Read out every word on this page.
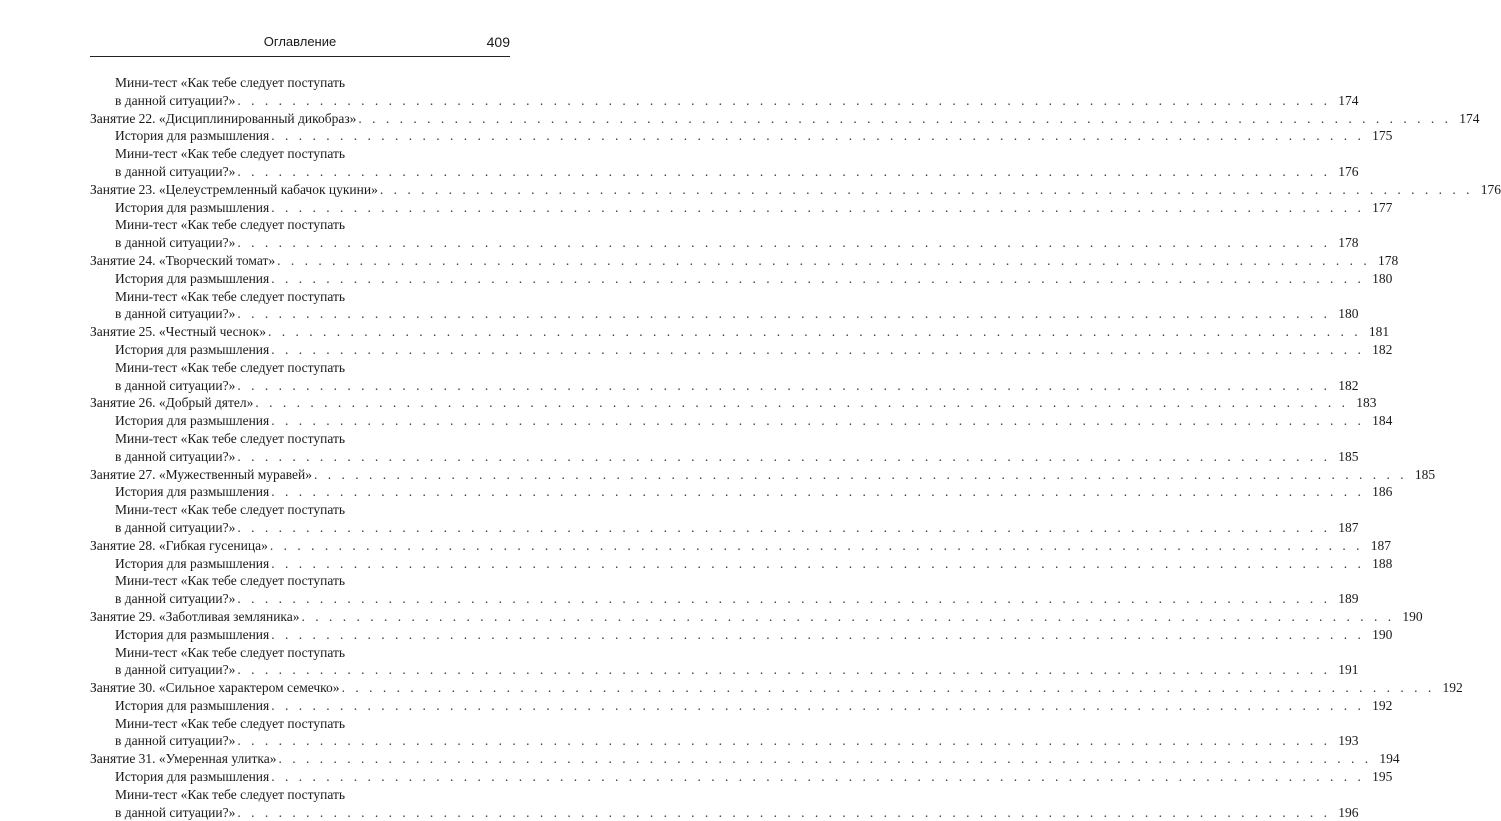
Оглавление	409
Мини-тест «Как тебе следует поступать
в данной ситуации?» . . . . . . . . . . . . . . . . . . . . . . . . . . . . . . . . . . . . . . . . . . . . . . . . . . . . . . . . . . . . . . . . . . . . . . . . . . . . . . . . 174
Занятие 22. «Дисциплинированный дикобраз» . . . . . . . . . . . . . . . . . . . . . . . . . . . . . . . . . . . . . . . . . . . . . . . . . . . . . . . . . . . . . . . . . . . . . . . . . . . . . . . . 174
История для размышления . . . . . . . . . . . . . . . . . . . . . . . . . . . . . . . . . . . . . . . . . . . . . . . . . . . . . . . . . . . . . . . . . . . . . . . . . . . . . . . . 175
Мини-тест «Как тебе следует поступать
в данной ситуации?» . . . . . . . . . . . . . . . . . . . . . . . . . . . . . . . . . . . . . . . . . . . . . . . . . . . . . . . . . . . . . . . . . . . . . . . . . . . . . . . . 176
Занятие 23. «Целеустремленный кабачок цукини» . . . . . . . . . . . . . . . . . . . . . . . . . . . . . . . . . . . . . . . . . . . . . . . . . . . . . . . . . . . . . . . . . . . . . . . . . . . . . . . . 176
История для размышления . . . . . . . . . . . . . . . . . . . . . . . . . . . . . . . . . . . . . . . . . . . . . . . . . . . . . . . . . . . . . . . . . . . . . . . . . . . . . . . . 177
Мини-тест «Как тебе следует поступать
в данной ситуации?» . . . . . . . . . . . . . . . . . . . . . . . . . . . . . . . . . . . . . . . . . . . . . . . . . . . . . . . . . . . . . . . . . . . . . . . . . . . . . . . . 178
Занятие 24. «Творческий томат» . . . . . . . . . . . . . . . . . . . . . . . . . . . . . . . . . . . . . . . . . . . . . . . . . . . . . . . . . . . . . . . . . . . . . . . . . . . . . . . . 178
История для размышления . . . . . . . . . . . . . . . . . . . . . . . . . . . . . . . . . . . . . . . . . . . . . . . . . . . . . . . . . . . . . . . . . . . . . . . . . . . . . . . . 180
Мини-тест «Как тебе следует поступать
в данной ситуации?» . . . . . . . . . . . . . . . . . . . . . . . . . . . . . . . . . . . . . . . . . . . . . . . . . . . . . . . . . . . . . . . . . . . . . . . . . . . . . . . . 180
Занятие 25. «Честный чеснок» . . . . . . . . . . . . . . . . . . . . . . . . . . . . . . . . . . . . . . . . . . . . . . . . . . . . . . . . . . . . . . . . . . . . . . . . . . . . . . . . 181
История для размышления . . . . . . . . . . . . . . . . . . . . . . . . . . . . . . . . . . . . . . . . . . . . . . . . . . . . . . . . . . . . . . . . . . . . . . . . . . . . . . . . 182
Мини-тест «Как тебе следует поступать
в данной ситуации?» . . . . . . . . . . . . . . . . . . . . . . . . . . . . . . . . . . . . . . . . . . . . . . . . . . . . . . . . . . . . . . . . . . . . . . . . . . . . . . . . 182
Занятие 26. «Добрый дятел» . . . . . . . . . . . . . . . . . . . . . . . . . . . . . . . . . . . . . . . . . . . . . . . . . . . . . . . . . . . . . . . . . . . . . . . . . . . . . . . . 183
История для размышления . . . . . . . . . . . . . . . . . . . . . . . . . . . . . . . . . . . . . . . . . . . . . . . . . . . . . . . . . . . . . . . . . . . . . . . . . . . . . . . . 184
Мини-тест «Как тебе следует поступать
в данной ситуации?» . . . . . . . . . . . . . . . . . . . . . . . . . . . . . . . . . . . . . . . . . . . . . . . . . . . . . . . . . . . . . . . . . . . . . . . . . . . . . . . . 185
Занятие 27. «Мужественный муравей» . . . . . . . . . . . . . . . . . . . . . . . . . . . . . . . . . . . . . . . . . . . . . . . . . . . . . . . . . . . . . . . . . . . . . . . . . . . . . . . . 185
История для размышления . . . . . . . . . . . . . . . . . . . . . . . . . . . . . . . . . . . . . . . . . . . . . . . . . . . . . . . . . . . . . . . . . . . . . . . . . . . . . . . . 186
Мини-тест «Как тебе следует поступать
в данной ситуации?» . . . . . . . . . . . . . . . . . . . . . . . . . . . . . . . . . . . . . . . . . . . . . . . . . . . . . . . . . . . . . . . . . . . . . . . . . . . . . . . . 187
Занятие 28. «Гибкая гусеница» . . . . . . . . . . . . . . . . . . . . . . . . . . . . . . . . . . . . . . . . . . . . . . . . . . . . . . . . . . . . . . . . . . . . . . . . . . . . . . . . 187
История для размышления . . . . . . . . . . . . . . . . . . . . . . . . . . . . . . . . . . . . . . . . . . . . . . . . . . . . . . . . . . . . . . . . . . . . . . . . . . . . . . . . 188
Мини-тест «Как тебе следует поступать
в данной ситуации?» . . . . . . . . . . . . . . . . . . . . . . . . . . . . . . . . . . . . . . . . . . . . . . . . . . . . . . . . . . . . . . . . . . . . . . . . . . . . . . . . 189
Занятие 29. «Заботливая земляника» . . . . . . . . . . . . . . . . . . . . . . . . . . . . . . . . . . . . . . . . . . . . . . . . . . . . . . . . . . . . . . . . . . . . . . . . . . . . . . . . 190
История для размышления . . . . . . . . . . . . . . . . . . . . . . . . . . . . . . . . . . . . . . . . . . . . . . . . . . . . . . . . . . . . . . . . . . . . . . . . . . . . . . . . 190
Мини-тест «Как тебе следует поступать
в данной ситуации?» . . . . . . . . . . . . . . . . . . . . . . . . . . . . . . . . . . . . . . . . . . . . . . . . . . . . . . . . . . . . . . . . . . . . . . . . . . . . . . . . 191
Занятие 30. «Сильное характером семечко» . . . . . . . . . . . . . . . . . . . . . . . . . . . . . . . . . . . . . . . . . . . . . . . . . . . . . . . . . . . . . . . . . . . . . . . . . . . . . . . . 192
История для размышления . . . . . . . . . . . . . . . . . . . . . . . . . . . . . . . . . . . . . . . . . . . . . . . . . . . . . . . . . . . . . . . . . . . . . . . . . . . . . . . . 192
Мини-тест «Как тебе следует поступать
в данной ситуации?» . . . . . . . . . . . . . . . . . . . . . . . . . . . . . . . . . . . . . . . . . . . . . . . . . . . . . . . . . . . . . . . . . . . . . . . . . . . . . . . . 193
Занятие 31. «Умеренная улитка» . . . . . . . . . . . . . . . . . . . . . . . . . . . . . . . . . . . . . . . . . . . . . . . . . . . . . . . . . . . . . . . . . . . . . . . . . . . . . . . . 194
История для размышления . . . . . . . . . . . . . . . . . . . . . . . . . . . . . . . . . . . . . . . . . . . . . . . . . . . . . . . . . . . . . . . . . . . . . . . . . . . . . . . . 195
Мини-тест «Как тебе следует поступать
в данной ситуации?» . . . . . . . . . . . . . . . . . . . . . . . . . . . . . . . . . . . . . . . . . . . . . . . . . . . . . . . . . . . . . . . . . . . . . . . . . . . . . . . . 196
